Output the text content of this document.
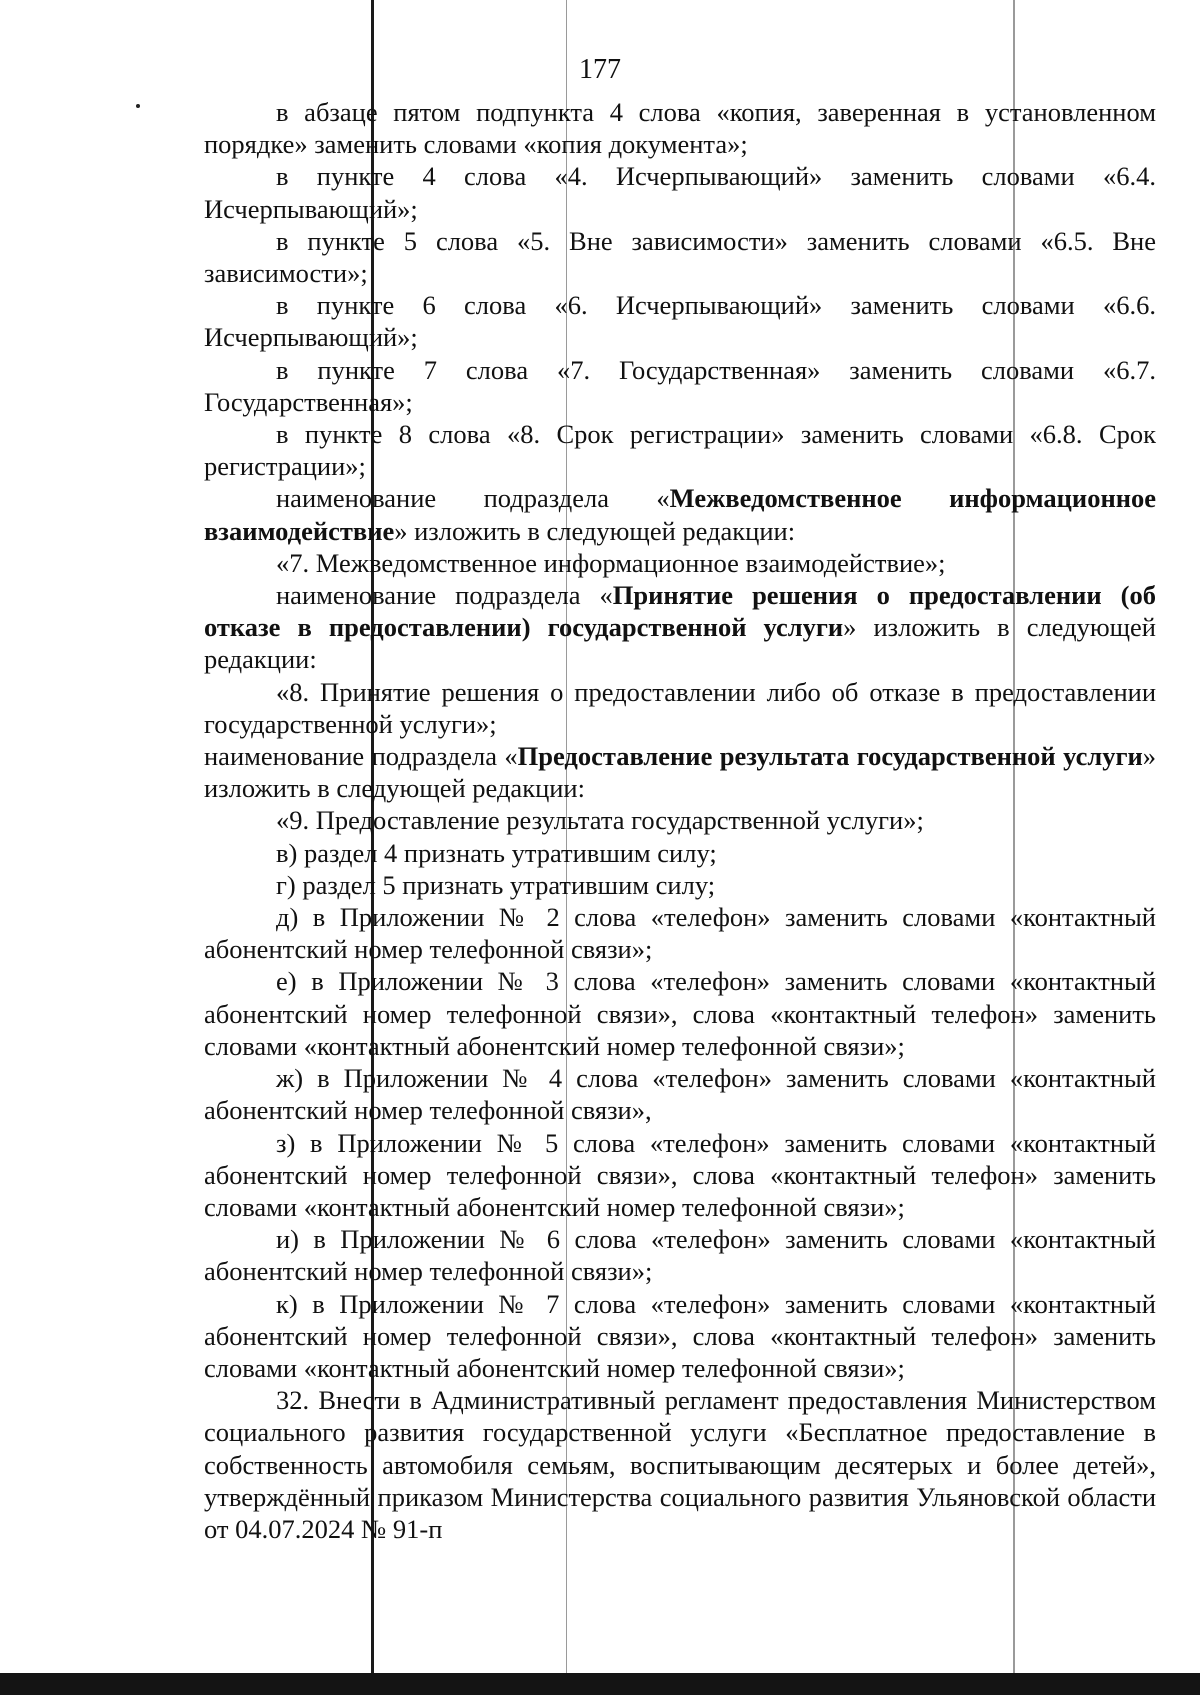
177

в абзаце пятом подпункта 4 слова «копия, заверенная в установленном порядке» заменить словами «копия документа»;

в пункте 4 слова «4. Исчерпывающий» заменить словами «6.4. Исчерпывающий»;

в пункте 5 слова «5. Вне зависимости» заменить словами «6.5. Вне зависимости»;

в пункте 6 слова «6. Исчерпывающий» заменить словами «6.6. Исчерпывающий»;

в пункте 7 слова «7. Государственная» заменить словами «6.7. Государственная»;

в пункте 8 слова «8. Срок регистрации» заменить словами «6.8. Срок регистрации»;

наименование подраздела «Межведомственное информационное взаимодействие» изложить в следующей редакции:

«7. Межведомственное информационное взаимодействие»;

наименование подраздела «Принятие решения о предоставлении (об отказе в предоставлении) государственной услуги» изложить в следующей редакции:

«8. Принятие решения о предоставлении либо об отказе в предоставлении государственной услуги»;

наименование подраздела «Предоставление результата государственной услуги» изложить в следующей редакции:

«9. Предоставление результата государственной услуги»;

в) раздел 4 признать утратившим силу;

г) раздел 5 признать утратившим силу;

д) в Приложении № 2 слова «телефон» заменить словами «контактный абонентский номер телефонной связи»;

е) в Приложении № 3 слова «телефон» заменить словами «контактный абонентский номер телефонной связи», слова «контактный телефон» заменить словами «контактный абонентский номер телефонной связи»;

ж) в Приложении № 4 слова «телефон» заменить словами «контактный абонентский номер телефонной связи»,

з) в Приложении № 5 слова «телефон» заменить словами «контактный абонентский номер телефонной связи», слова «контактный телефон» заменить словами «контактный абонентский номер телефонной связи»;

и) в Приложении № 6 слова «телефон» заменить словами «контактный абонентский номер телефонной связи»;

к) в Приложении № 7 слова «телефон» заменить словами «контактный абонентский номер телефонной связи», слова «контактный телефон» заменить словами «контактный абонентский номер телефонной связи»;

32. Внести в Административный регламент предоставления Министерством социального развития государственной услуги «Бесплатное предоставление в собственность автомобиля семьям, воспитывающим десятерых и более детей», утверждённый приказом Министерства социального развития Ульяновской области от 04.07.2024 № 91-п
